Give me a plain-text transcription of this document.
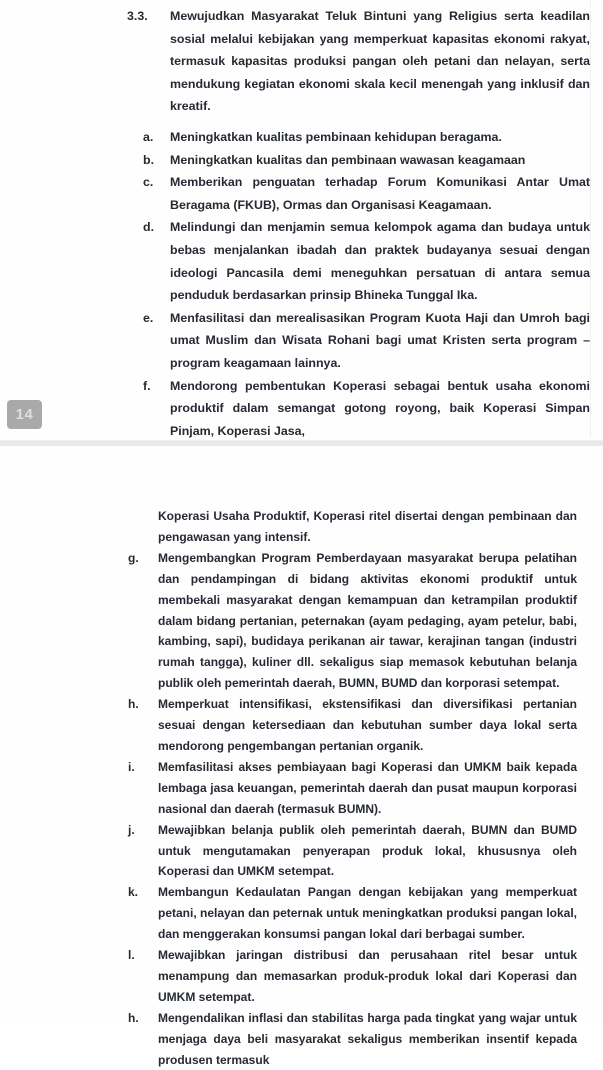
3.3.	Mewujudkan Masyarakat Teluk Bintuni yang Religius serta keadilan sosial melalui kebijakan yang memperkuat kapasitas ekonomi rakyat, termasuk kapasitas produksi pangan oleh petani dan nelayan, serta mendukung kegiatan ekonomi skala kecil menengah yang inklusif dan kreatif.
a.	Meningkatkan kualitas pembinaan kehidupan beragama.
b.	Meningkatkan kualitas dan pembinaan wawasan keagamaan
c.	Memberikan penguatan terhadap Forum Komunikasi Antar Umat Beragama (FKUB), Ormas dan Organisasi Keagamaan.
d.	Melindungi dan menjamin semua kelompok agama dan budaya untuk bebas menjalankan ibadah dan praktek budayanya sesuai dengan ideologi Pancasila demi meneguhkan persatuan di antara semua penduduk berdasarkan prinsip Bhineka Tunggal Ika.
e.	Menfasilitasi dan merealisasikan Program Kuota Haji dan Umroh bagi umat Muslim dan Wisata Rohani bagi umat Kristen serta program – program keagamaan lainnya.
f.	Mendorong pembentukan Koperasi sebagai bentuk usaha ekonomi produktif dalam semangat gotong royong, baik Koperasi Simpan Pinjam, Koperasi Jasa,
Koperasi Usaha Produktif, Koperasi ritel disertai dengan pembinaan dan pengawasan yang intensif.
g.	Mengembangkan Program Pemberdayaan masyarakat berupa pelatihan dan pendampingan di bidang aktivitas ekonomi produktif untuk membekali masyarakat dengan kemampuan dan ketrampilan produktif dalam bidang pertanian, peternakan (ayam pedaging, ayam petelur, babi, kambing, sapi), budidaya perikanan air tawar, kerajinan tangan (industri rumah tangga), kuliner dll. sekaligus siap memasok kebutuhan belanja publik oleh pemerintah daerah, BUMN, BUMD dan korporasi setempat.
h.	Memperkuat intensifikasi, ekstensifikasi dan diversifikasi pertanian sesuai dengan ketersediaan dan kebutuhan sumber daya lokal serta mendorong pengembangan pertanian organik.
i.	Memfasilitasi akses pembiayaan bagi Koperasi dan UMKM baik kepada lembaga jasa keuangan, pemerintah daerah dan pusat maupun korporasi nasional dan daerah (termasuk BUMN).
j.	Mewajibkan belanja publik oleh pemerintah daerah, BUMN dan BUMD untuk mengutamakan penyerapan produk lokal, khususnya oleh Koperasi dan UMKM setempat.
k.	Membangun Kedaulatan Pangan dengan kebijakan yang memperkuat petani, nelayan dan peternak untuk meningkatkan produksi pangan lokal, dan menggerakan konsumsi pangan lokal dari berbagai sumber.
l.	Mewajibkan jaringan distribusi dan perusahaan ritel besar untuk menampung dan memasarkan produk-produk lokal dari Koperasi dan UMKM setempat.
h.	Mengendalikan inflasi dan stabilitas harga pada tingkat yang wajar untuk menjaga daya beli masyarakat sekaligus memberikan insentif kepada produsen termasuk
14
